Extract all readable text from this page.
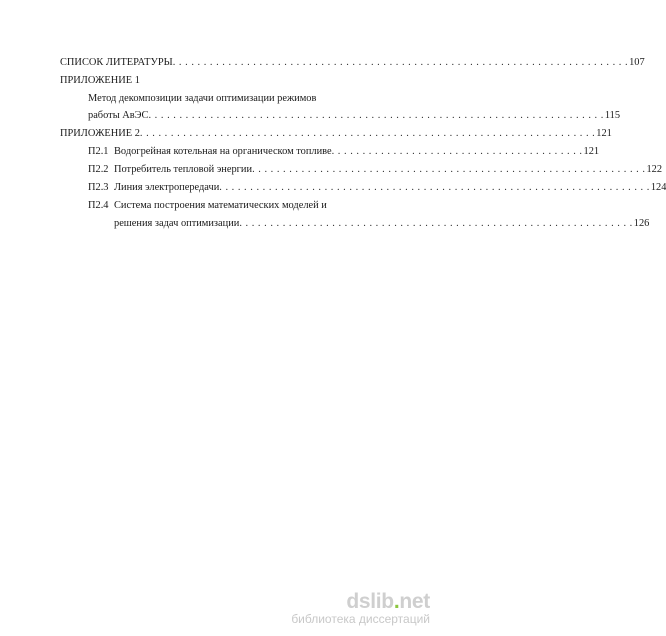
СПИСОК ЛИТЕРАТУРЫ . . . . . . . . . . . . . . . . . . . . . . . . . . . . . . . . . . . . . . . . . . . . . . . . . . . . . . . . . . . . . . . . . . . . . . . . . . 107
ПРИЛОЖЕНИЕ 1
Метод декомпозиции задачи оптимизации режимов
работы АвЭС . . . . . . . . . . . . . . . . . . . . . . . . . . . . . . . . . . . . . . . . . . . . . . . . . . . . . . . . . . . . . . . . . . . . . . . . . . 115
ПРИЛОЖЕНИЕ 2 . . . . . . . . . . . . . . . . . . . . . . . . . . . . . . . . . . . . . . . . . . . . . . . . . . . . . . . . . . . . . . . . . . . . . . . . . . 121
П2.1 Водогрейная котельная на органическом топливе . . . . . . . . . . . . . . . . . . . . . . . . . . . . . . . . . . . . . . . . . 121
П2.2 Потребитель тепловой энергии . . . . . . . . . . . . . . . . . . . . . . . . . . . . . . . . . . . . . . . . . . . . . . . . . . . . . . . . . . . . . . . . 122
П2.3 Линия электропередачи . . . . . . . . . . . . . . . . . . . . . . . . . . . . . . . . . . . . . . . . . . . . . . . . . . . . . . . . . . . . . . . . . . . . . . 124
П2.4 Система построения математических моделей и
решения задач оптимизации . . . . . . . . . . . . . . . . . . . . . . . . . . . . . . . . . . . . . . . . . . . . . . . . . . . . . . . . . . . . . . . . 126
dslib.net
библиотека диссертаций
